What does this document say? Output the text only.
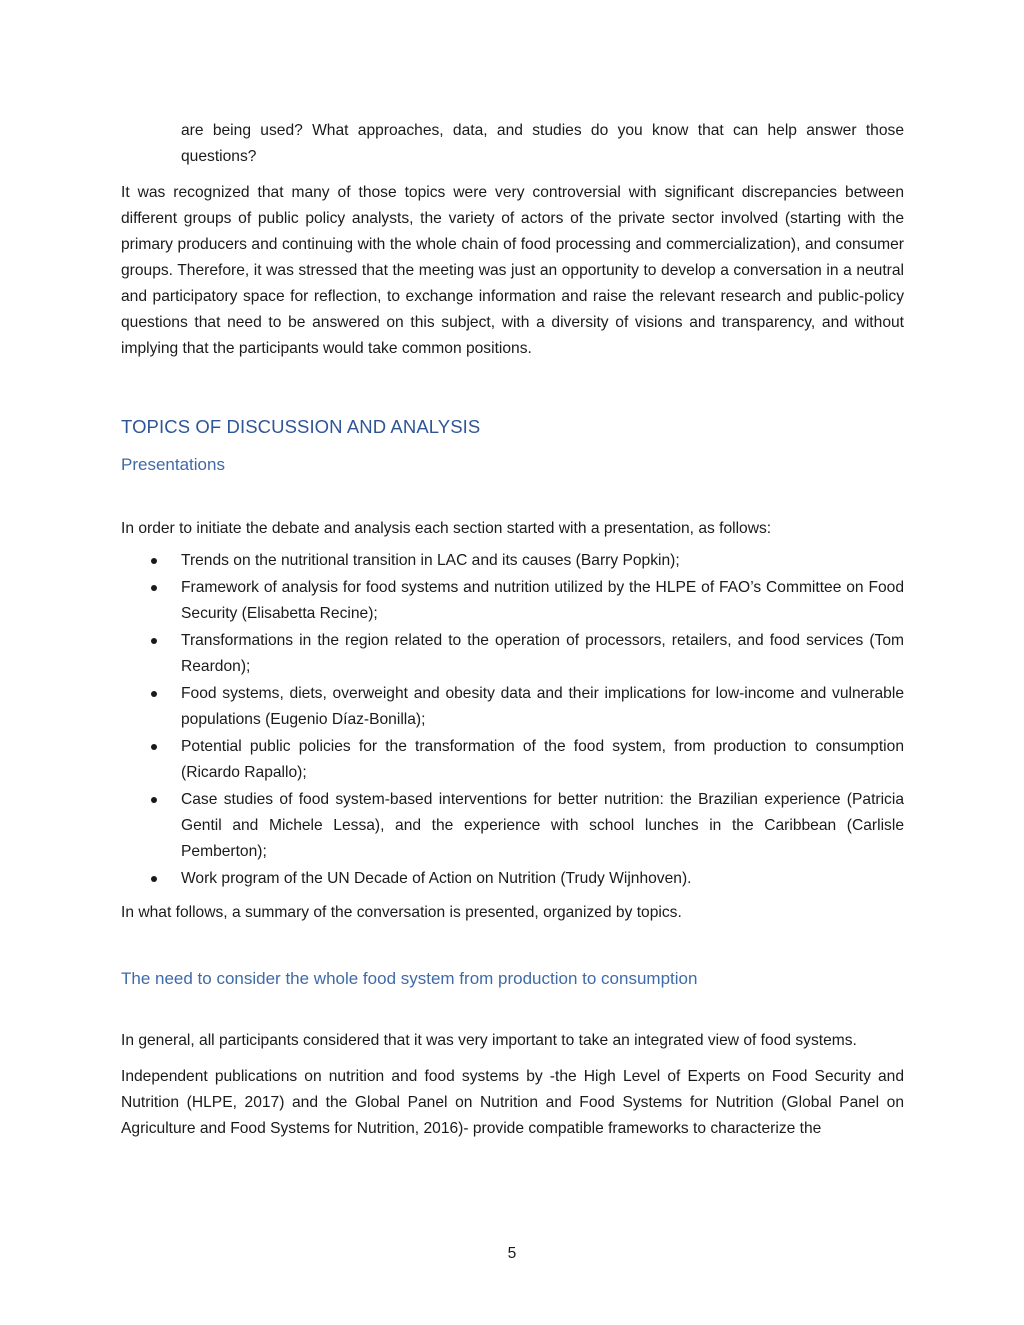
are being used? What approaches, data, and studies do you know that can help answer those questions?

It was recognized that many of those topics were very controversial with significant discrepancies between different groups of public policy analysts, the variety of actors of the private sector involved (starting with the primary producers and continuing with the whole chain of food processing and commercialization), and consumer groups. Therefore, it was stressed that the meeting was just an opportunity to develop a conversation in a neutral and participatory space for reflection, to exchange information and raise the relevant research and public-policy questions that need to be answered on this subject, with a diversity of visions and transparency, and without implying that the participants would take common positions.

TOPICS OF DISCUSSION AND ANALYSIS
Presentations

In order to initiate the debate and analysis each section started with a presentation, as follows:

Trends on the nutritional transition in LAC and its causes (Barry Popkin);
Framework of analysis for food systems and nutrition utilized by the HLPE of FAO’s Committee on Food Security (Elisabetta Recine);
Transformations in the region related to the operation of processors, retailers, and food services (Tom Reardon);
Food systems, diets, overweight and obesity data and their implications for low-income and vulnerable populations (Eugenio Díaz-Bonilla);
Potential public policies for the transformation of the food system, from production to consumption (Ricardo Rapallo);
Case studies of food system-based interventions for better nutrition: the Brazilian experience (Patricia Gentil and Michele Lessa), and the experience with school lunches in the Caribbean (Carlisle Pemberton);
Work program of the UN Decade of Action on Nutrition (Trudy Wijnhoven).

In what follows, a summary of the conversation is presented, organized by topics.

The need to consider the whole food system from production to consumption

In general, all participants considered that it was very important to take an integrated view of food systems.

Independent publications on nutrition and food systems by -the High Level of Experts on Food Security and Nutrition (HLPE, 2017) and the Global Panel on Nutrition and Food Systems for Nutrition (Global Panel on Agriculture and Food Systems for Nutrition, 2016)- provide compatible frameworks to characterize the

5
